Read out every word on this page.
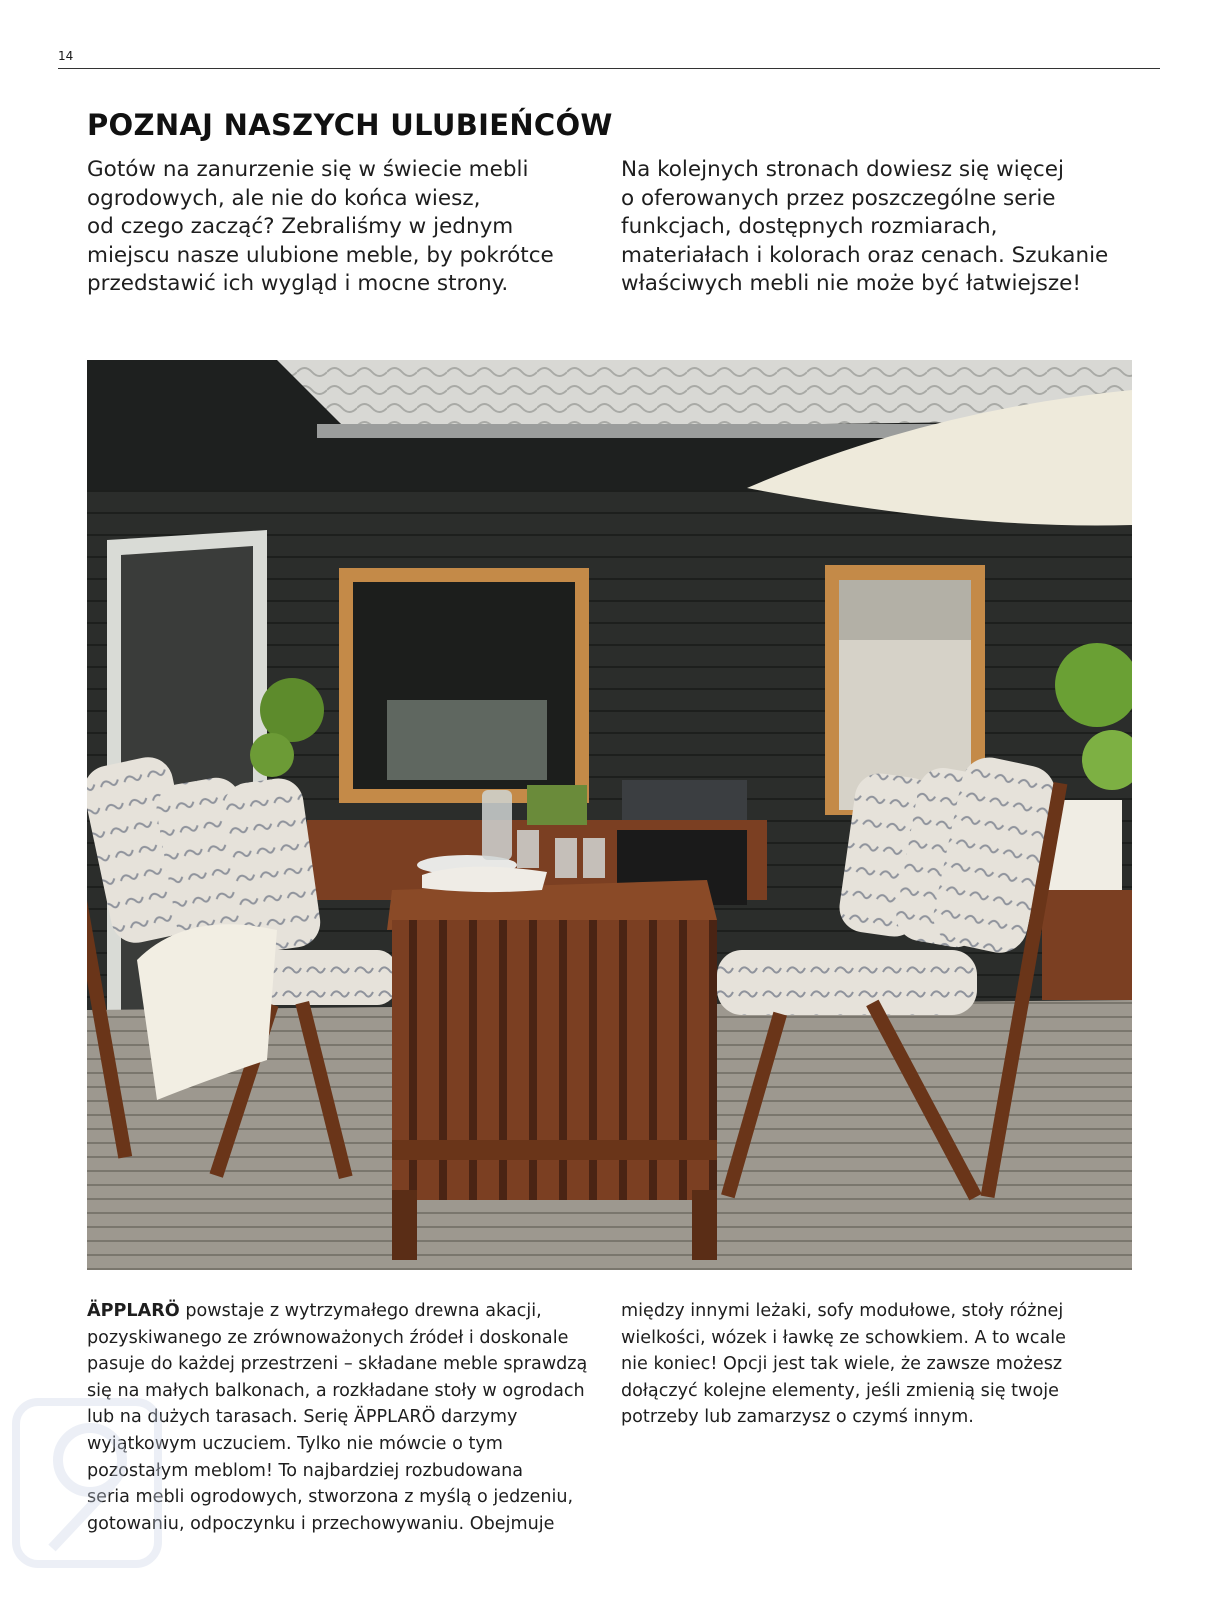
14
POZNAJ NASZYCH ULUBIEŃCÓW

Gotów na zanurzenie się w świecie mebli
ogrodowych, ale nie do końca wiesz,
od czego zacząć? Zebraliśmy w jednym
miejscu nasze ulubione meble, by pokrótce
przedstawić ich wygląd i mocne strony.

Na kolejnych stronach dowiesz się więcej
o oferowanych przez poszczególne serie
funkcjach, dostępnych rozmiarach,
materiałach i kolorach oraz cenach. Szukanie
właściwych mebli nie może być łatwiejsze!

ÄPPLARÖ powstaje z wytrzymałego drewna akacji,
pozyskiwanego ze zrównoważonych źródeł i doskonale
pasuje do każdej przestrzeni – składane meble sprawdzą
się na małych balkonach, a rozkładane stoły w ogrodach
lub na dużych tarasach. Serię ÄPPLARÖ darzymy
wyjątkowym uczuciem. Tylko nie mówcie o tym
pozostałym meblom! To najbardziej rozbudowana
seria mebli ogrodowych, stworzona z myślą o jedzeniu,
gotowaniu, odpoczynku i przechowywaniu. Obejmuje

między innymi leżaki, sofy modułowe, stoły różnej
wielkości, wózek i ławkę ze schowkiem. A to wcale
nie koniec! Opcji jest tak wiele, że zawsze możesz
dołączyć kolejne elementy, jeśli zmienią się twoje
potrzeby lub zamarzysz o czymś innym.
